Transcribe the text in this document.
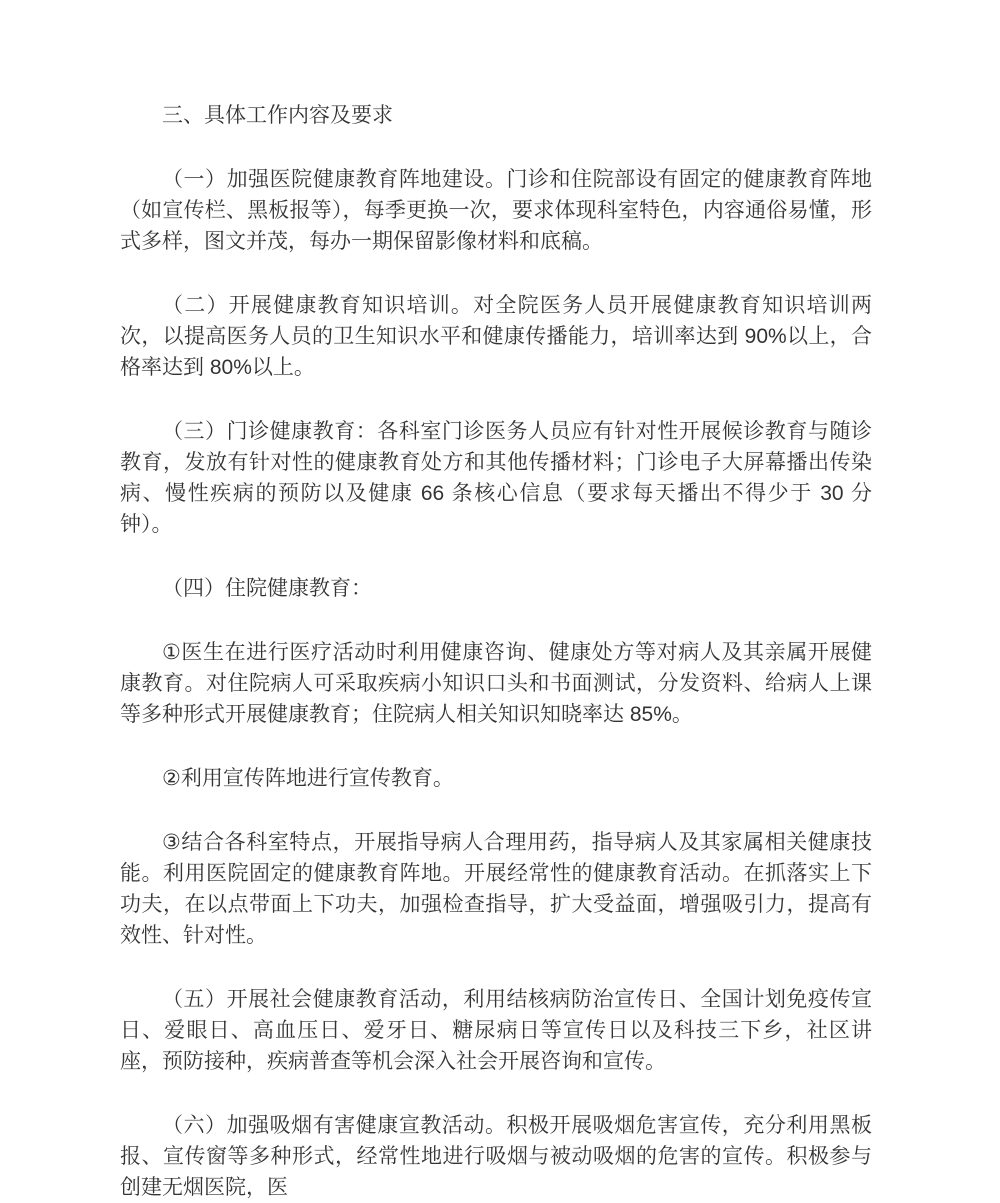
三、具体工作内容及要求

（一）加强医院健康教育阵地建设。门诊和住院部设有固定的健康教育阵地（如宣传栏、黑板报等），每季更换一次，要求体现科室特色，内容通俗易懂，形式多样，图文并茂，每办一期保留影像材料和底稿。

（二）开展健康教育知识培训。对全院医务人员开展健康教育知识培训两次，以提高医务人员的卫生知识水平和健康传播能力，培训率达到 90%以上，合格率达到 80%以上。

（三）门诊健康教育：各科室门诊医务人员应有针对性开展候诊教育与随诊教育，发放有针对性的健康教育处方和其他传播材料；门诊电子大屏幕播出传染病、慢性疾病的预防以及健康 66 条核心信息（要求每天播出不得少于 30 分钟）。

（四）住院健康教育：

①医生在进行医疗活动时利用健康咨询、健康处方等对病人及其亲属开展健康教育。对住院病人可采取疾病小知识口头和书面测试，分发资料、给病人上课等多种形式开展健康教育；住院病人相关知识知晓率达 85%。

②利用宣传阵地进行宣传教育。

③结合各科室特点，开展指导病人合理用药，指导病人及其家属相关健康技能。利用医院固定的健康教育阵地。开展经常性的健康教育活动。在抓落实上下功夫，在以点带面上下功夫，加强检查指导，扩大受益面，增强吸引力，提高有效性、针对性。

（五）开展社会健康教育活动，利用结核病防治宣传日、全国计划免疫传宣日、爱眼日、高血压日、爱牙日、糖尿病日等宣传日以及科技三下乡，社区讲座，预防接种，疾病普查等机会深入社会开展咨询和宣传。

（六）加强吸烟有害健康宣教活动。积极开展吸烟危害宣传，充分利用黑板报、宣传窗等多种形式，经常性地进行吸烟与被动吸烟的危害的宣传。积极参与创建无烟医院，医
